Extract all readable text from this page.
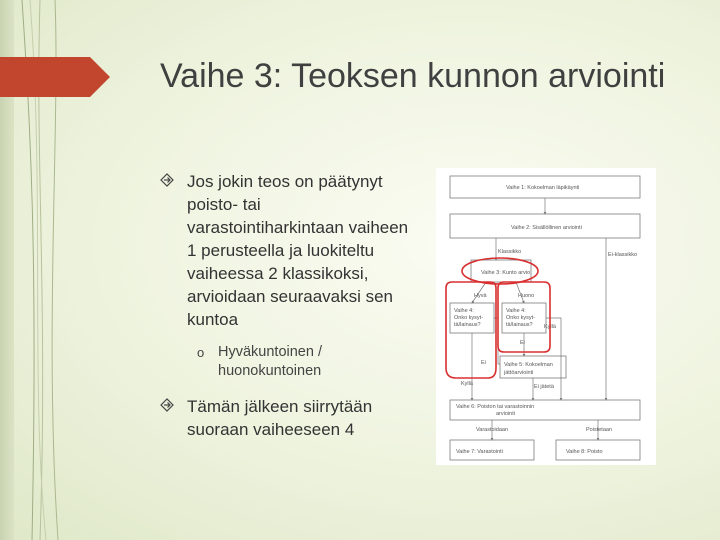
Vaihe 3: Teoksen kunnon arviointi
Jos jokin teos on päätynyt poisto- tai varastointiharkintaan vaiheen 1 perusteella ja luokiteltu vaiheessa 2 klassikoksi, arvioidaan seuraavaksi sen kuntoa
o Hyväkuntoinen / huonokuntoinen
Tämän jälkeen siirrytään suoraan vaiheeseen 4
Vaihe 1: Kokoelman läpikäynti
Vaihe 2: Sisällöllinen arviointi
Klassikko	Ei-klassikko
Vaihe 3: Kunto arvio
Hyvä	Huono
Vaihe 4:
Onko kysyt-
tä/lainaus?
Vaihe 4:
Onko kysyt-
tä/lainaus? Kyllä
Ei
Ei	Vaihe 5: Kokoelman
jättöarviointi
Kyllä	Ei jätetä
Vaihe 6: Poiston tai varastoinnin
arviointi
Varastoidaan	Poistetaan
Vaihe 7: Varastointi	Vaihe 8: Poisto
